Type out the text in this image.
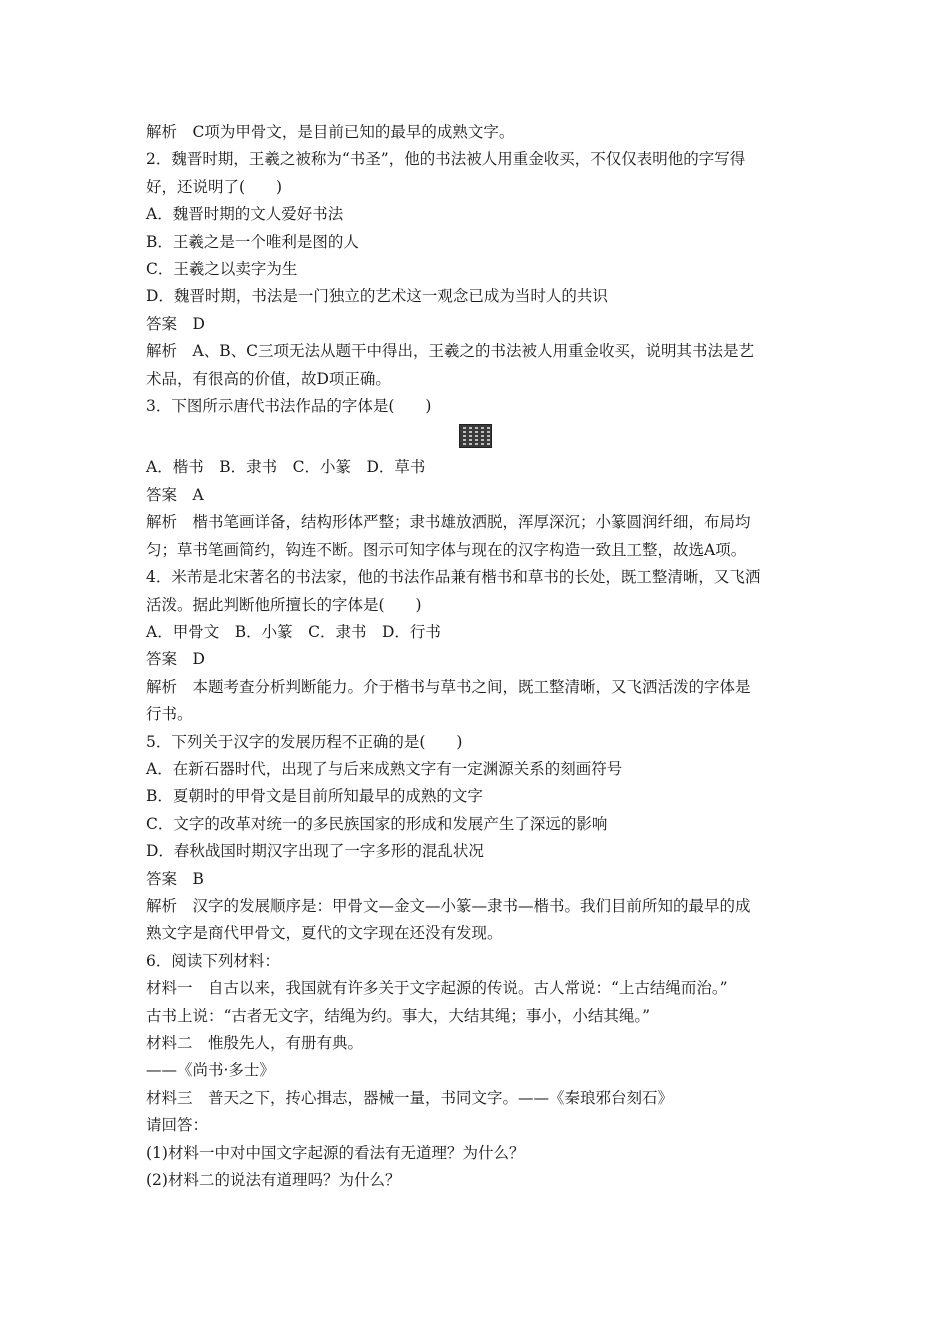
解析　C项为甲骨文，是目前已知的最早的成熟文字。
2．魏晋时期，王羲之被称为“书圣”，他的书法被人用重金收买，不仅仅表明他的字写得
好，还说明了(　　)
A．魏晋时期的文人爱好书法
B．王羲之是一个唯利是图的人
C．王羲之以卖字为生
D．魏晋时期，书法是一门独立的艺术这一观念已成为当时人的共识
答案　D
解析　A、B、C三项无法从题干中得出，王羲之的书法被人用重金收买，说明其书法是艺
术品，有很高的价值，故D项正确。
3．下图所示唐代书法作品的字体是(　　)
A．楷书　B．隶书　C．小篆　D．草书
答案　A
解析　楷书笔画详备，结构形体严整；隶书雄放洒脱，浑厚深沉；小篆圆润纤细，布局均
匀；草书笔画简约，钩连不断。图示可知字体与现在的汉字构造一致且工整，故选A项。
4．米芾是北宋著名的书法家，他的书法作品兼有楷书和草书的长处，既工整清晰，又飞洒
活泼。据此判断他所擅长的字体是(　　)
A．甲骨文　B．小篆　C．隶书　D．行书
答案　D
解析　本题考查分析判断能力。介于楷书与草书之间，既工整清晰，又飞洒活泼的字体是
行书。
5．下列关于汉字的发展历程不正确的是(　　)
A．在新石器时代，出现了与后来成熟文字有一定渊源关系的刻画符号
B．夏朝时的甲骨文是目前所知最早的成熟的文字
C．文字的改革对统一的多民族国家的形成和发展产生了深远的影响
D．春秋战国时期汉字出现了一字多形的混乱状况
答案　B
解析　汉字的发展顺序是：甲骨文—金文—小篆—隶书—楷书。我们目前所知的最早的成
熟文字是商代甲骨文，夏代的文字现在还没有发现。
6．阅读下列材料：
材料一　自古以来，我国就有许多关于文字起源的传说。古人常说：“上古结绳而治。”
古书上说：“古者无文字，结绳为约。事大，大结其绳；事小，小结其绳。”
材料二　惟殷先人，有册有典。
——《尚书·多士》
材料三　普天之下，抟心揖志，器械一量，书同文字。——《秦琅邪台刻石》
请回答：
(1)材料一中对中国文字起源的看法有无道理？为什么？
(2)材料二的说法有道理吗？为什么？
